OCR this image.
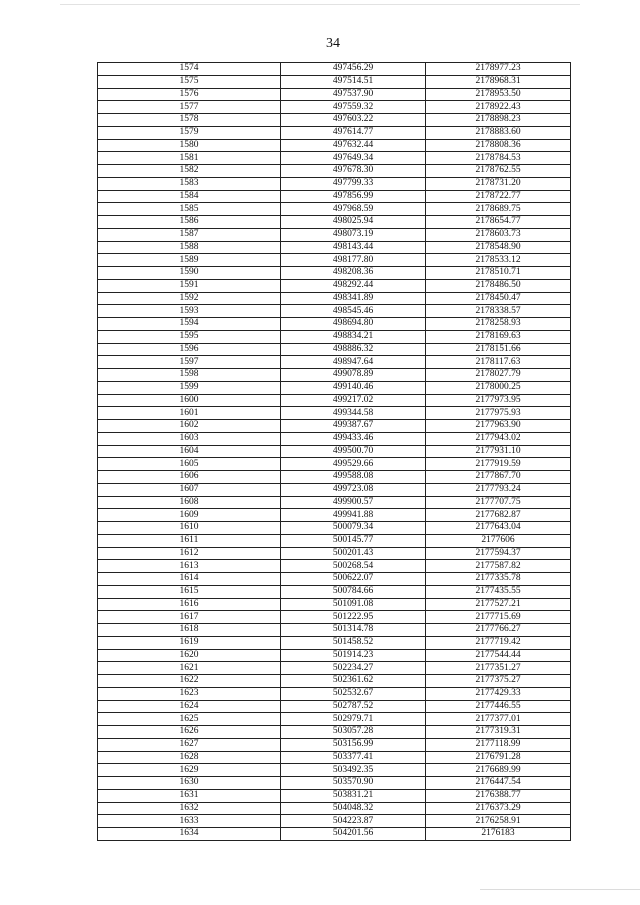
34
1574	497456.29	2178977.23
1575	497514.51	2178968.31
1576	497537.90	2178953.50
1577	497559.32	2178922.43
1578	497603.22	2178898.23
1579	497614.77	2178883.60
1580	497632.44	2178808.36
1581	497649.34	2178784.53
1582	497678.30	2178762.55
1583	497799.33	2178731.20
1584	497856.99	2178722.77
1585	497968.59	2178689.75
1586	498025.94	2178654.77
1587	498073.19	2178603.73
1588	498143.44	2178548.90
1589	498177.80	2178533.12
1590	498208.36	2178510.71
1591	498292.44	2178486.50
1592	498341.89	2178450.47
1593	498545.46	2178338.57
1594	498694.80	2178258.93
1595	498834.21	2178169.63
1596	498886.32	2178151.66
1597	498947.64	2178117.63
1598	499078.89	2178027.79
1599	499140.46	2178000.25
1600	499217.02	2177973.95
1601	499344.58	2177975.93
1602	499387.67	2177963.90
1603	499433.46	2177943.02
1604	499500.70	2177931.10
1605	499529.66	2177919.59
1606	499588.08	2177867.70
1607	499723.08	2177793.24
1608	499900.57	2177707.75
1609	499941.88	2177682.87
1610	500079.34	2177643.04
1611	500145.77	2177606
1612	500201.43	2177594.37
1613	500268.54	2177587.82
1614	500622.07	2177335.78
1615	500784.66	2177435.55
1616	501091.08	2177527.21
1617	501222.95	2177715.69
1618	501314.78	2177766.27
1619	501458.52	2177719.42
1620	501914.23	2177544.44
1621	502234.27	2177351.27
1622	502361.62	2177375.27
1623	502532.67	2177429.33
1624	502787.52	2177446.55
1625	502979.71	2177377.01
1626	503057.28	2177319.31
1627	503156.99	2177118.99
1628	503377.41	2176791.28
1629	503492.35	2176689.99
1630	503570.90	2176447.54
1631	503831.21	2176388.77
1632	504048.32	2176373.29
1633	504223.87	2176258.91
1634	504201.56	2176183
